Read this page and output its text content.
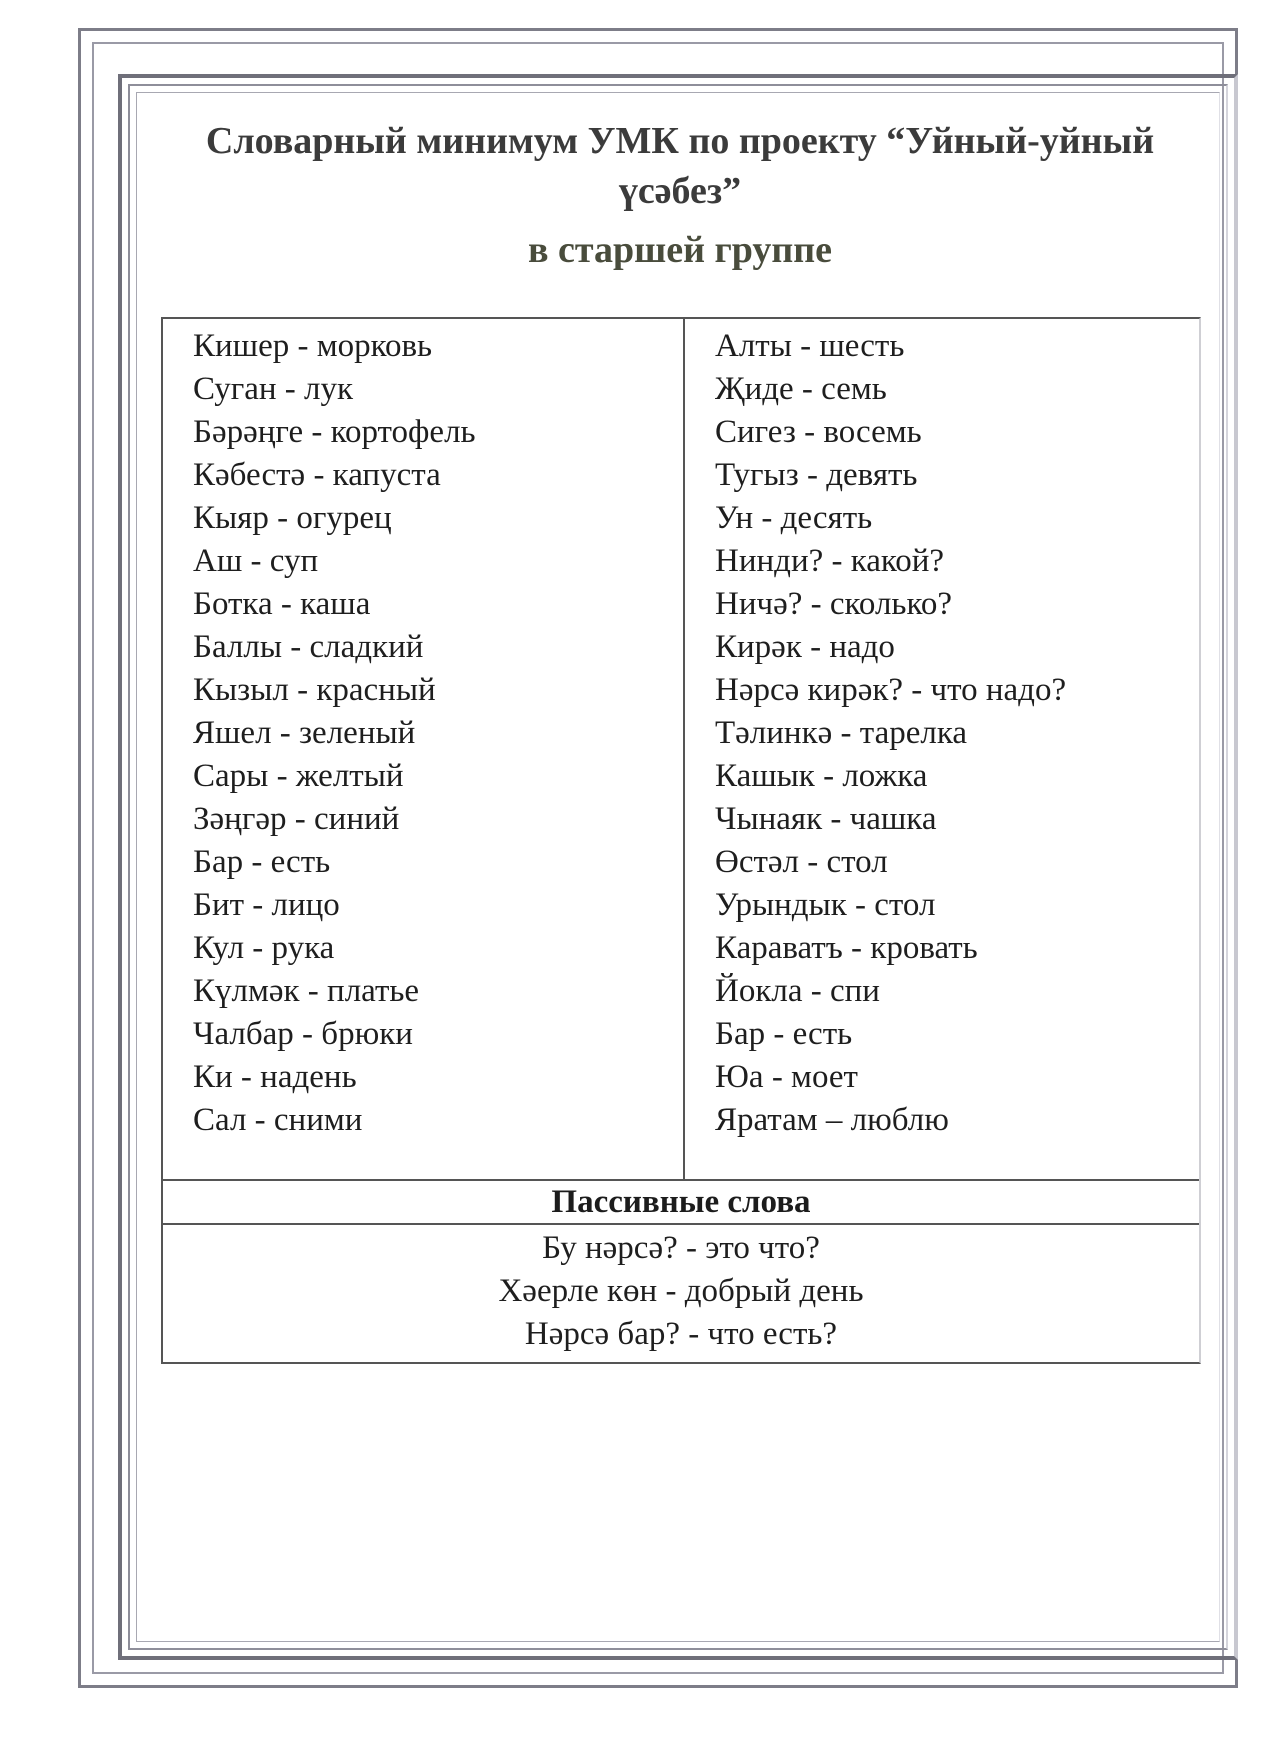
Словарный минимум УМК по проекту “Уйный-уйный үсәбез”
в старшей группе
Кишер - морковь
Суган - лук
Бәрәңге - кортофель
Кәбестә - капуста
Кыяр - огурец
Аш - суп
Ботка - каша
Баллы - сладкий
Кызыл - красный
Яшел - зеленый
Сары - желтый
Зәңгәр - синий
Бар - есть
Бит - лицо
Кул - рука
Күлмәк - платье
Чалбар - брюки
Ки - надень
Сал - сними
Алты - шесть
Җиде - семь
Сигез - восемь
Тугыз - девять
Ун - десять
Нинди? - какой?
Ничә? - сколько?
Кирәк - надо
Нәрсә кирәк? - что надо?
Тәлинкә - тарелка
Кашык - ложка
Чынаяк - чашка
Өстәл - стол
Урындык - стол
Караватъ - кровать
Йокла - спи
Бар - есть
Юа - моет
Яратам – люблю
Пассивные слова
Бу нәрсә? - это что?
Хәерле көн - добрый день
Нәрсә бар? - что есть?
